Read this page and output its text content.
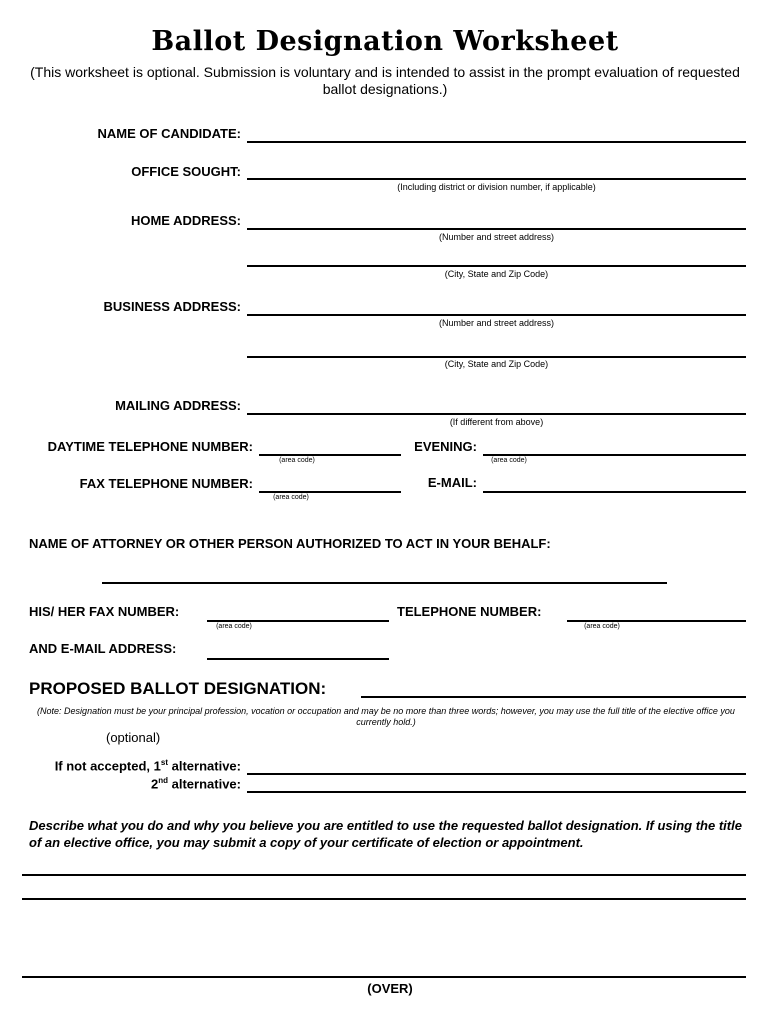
Ballot Designation Worksheet
(This worksheet is optional. Submission is voluntary and is intended to assist in the prompt evaluation of requested ballot designations.)
NAME OF CANDIDATE:
OFFICE SOUGHT:
(Including district or division number, if applicable)
HOME ADDRESS:
(Number and street address)
(City, State and Zip Code)
BUSINESS ADDRESS:
(Number and street address)
(City, State and Zip Code)
MAILING ADDRESS:
(If different from above)
DAYTIME TELEPHONE NUMBER:
(area code)
EVENING:
(area code)
FAX TELEPHONE NUMBER:
(area code)
E-MAIL:
NAME OF ATTORNEY OR OTHER PERSON AUTHORIZED TO ACT IN YOUR BEHALF:
HIS/ HER FAX NUMBER:
(area code)
TELEPHONE NUMBER:
(area code)
AND E-MAIL ADDRESS:
PROPOSED BALLOT DESIGNATION:
(Note: Designation must be your principal profession, vocation or occupation and may be no more than three words; however, you may use the full title of the elective office you currently hold.)
(optional)
If not accepted, 1st alternative:
2nd alternative:
Describe what you do and why you believe you are entitled to use the requested ballot designation. If using the title of an elective office, you may submit a copy of your certificate of election or appointment.
(OVER)
